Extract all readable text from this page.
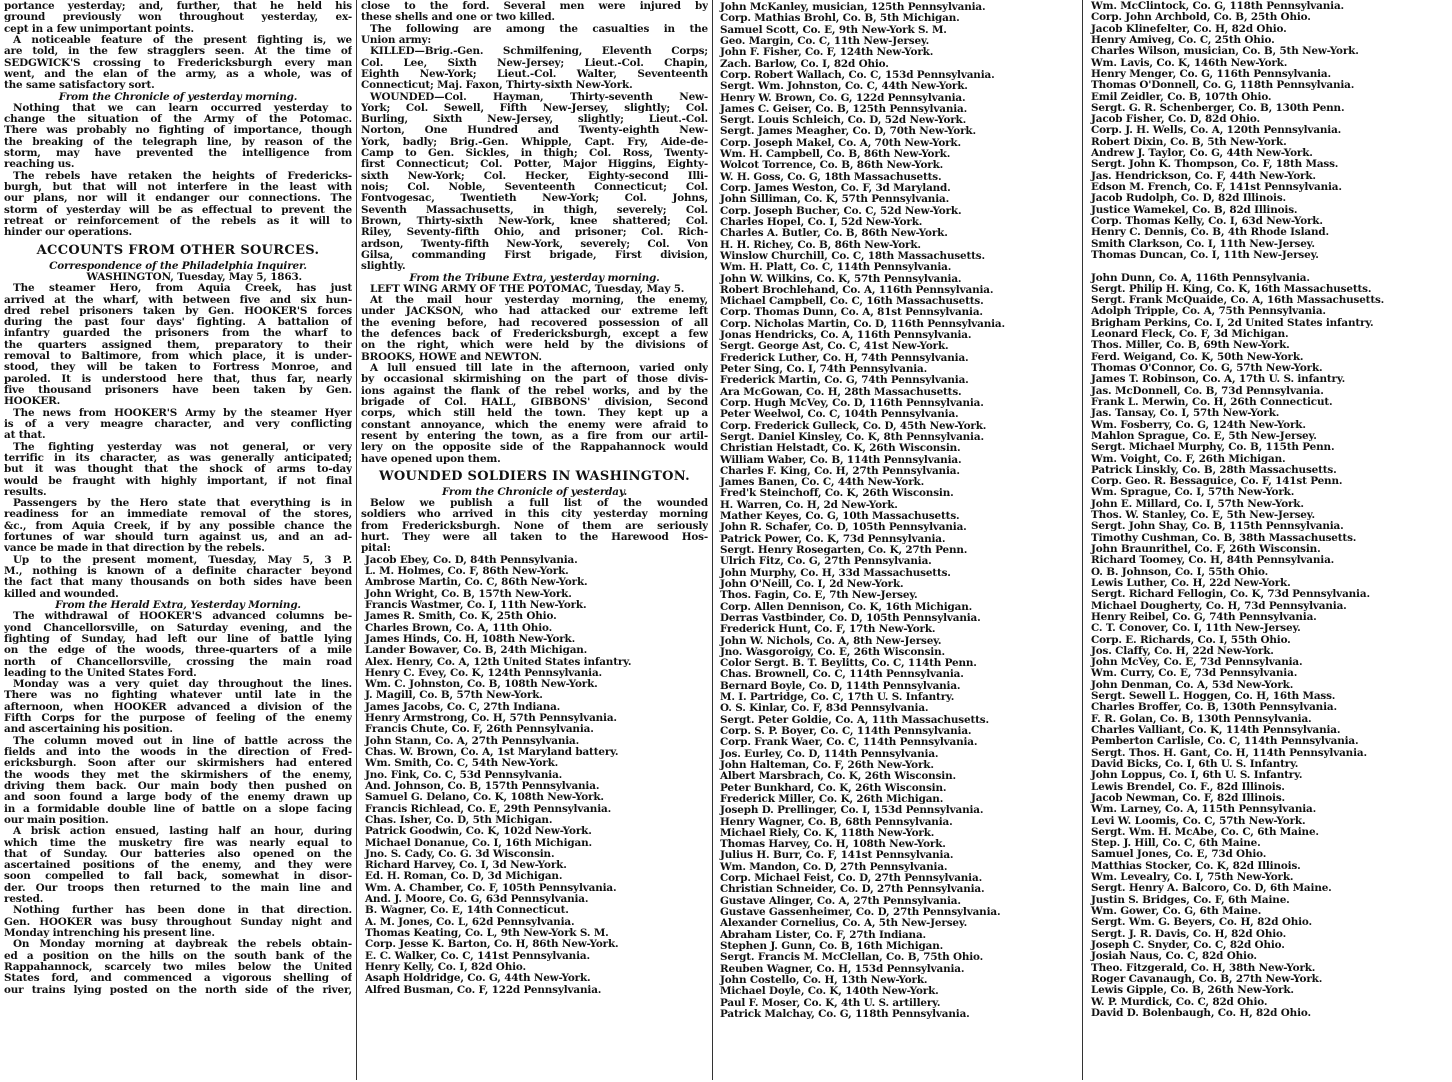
portance yesterday; and, further, that he held his
ground previously won throughout yesterday, ex-
cept in a few unimportant points.
A noticeable feature of the present fighting is, we
are told, in the few stragglers seen. At the time of
SEDGWICK'S crossing to Fredericksburgh every man
went, and the elan of the army, as a whole, was of
the same satisfactory sort.
From the Chronicle of yesterday morning.
Nothing that we can learn occurred yesterday to
change the situation of the Army of the Potomac.
There was probably no fighting of importance, though
the breaking of the telegraph line, by reason of the
storm, may have prevented the intelligence from
reaching us.
The rebels have retaken the heights of Fredericks-
burgh, but that will not interfere in the least with
our plans, nor will it endanger our connections. The
storm of yesterday will be as effectual to prevent the
retreat or reinforcement of the rebels as it will to
hinder our operations.
ACCOUNTS FROM OTHER SOURCES.
Correspondence of the Philadelphia Inquirer.
WASHINGTON, Tuesday, May 5, 1863.
The steamer Hero, from Aquia Creek, has just
arrived at the wharf, with between five and six hun-
dred rebel prisoners taken by Gen. HOOKER'S forces
during the past four days' fighting. A battalion of
infantry guarded the prisoners from the wharf to
the quarters assigned them, preparatory to their
removal to Baltimore, from which place, it is under-
stood, they will be taken to Fortress Monroe, and
paroled. It is understood here that, thus far, nearly
five thousand prisoners have been taken by Gen.
HOOKER.
The news from HOOKER'S Army by the steamer Hyer
is of a very meagre character, and very conflicting
at that.
The fighting yesterday was not general, or very
terrific in its character, as was generally anticipated;
but it was thought that the shock of arms to-day
would be fraught with highly important, if not final
results.
Passengers by the Hero state that everything is in
readiness for an immediate removal of the stores,
&c., from Aquia Creek, if by any possible chance the
fortunes of war should turn against us, and an ad-
vance be made in that direction by the rebels.
Up to the present moment, Tuesday, May 5, 3 P.
M., nothing is known of a definite character beyond
the fact that many thousands on both sides have been
killed and wounded.
From the Herald Extra, Yesterday Morning.
The withdrawal of HOOKER'S advanced columns be-
yond Chancellorsville, on Saturday evening, and the
fighting of Sunday, had left our line of battle lying
on the edge of the woods, three-quarters of a mile
north of Chancellorsville, crossing the main road
leading to the United States Ford.
Monday was a very quiet day throughout the lines.
There was no fighting whatever until late in the
afternoon, when HOOKER advanced a division of the
Fifth Corps for the purpose of feeling of the enemy
and ascertaining his position.
The column moved out in line of battle across the
fields and into the woods in the direction of Fred-
ericksburgh. Soon after our skirmishers had entered
the woods they met the skirmishers of the enemy,
driving them back. Our main body then pushed on
and soon found a large body of the enemy drawn up
in a formidable double line of battle on a slope facing
our main position.
A brisk action ensued, lasting half an hour, during
which time the musketry fire was nearly equal to
that of Sunday. Our batteries also opened on the
ascertained positions of the enemy, and they were
soon compelled to fall back, somewhat in disor-
der. Our troops then returned to the main line and
rested.
Nothing further has been done in that direction.
Gen. HOOKER was busy throughout Sunday night and
Monday intrenching his present line.
On Monday morning at daybreak the rebels obtain-
ed a position on the hills on the south bank of the
Rappahannock, scarcely two miles below the United
States ford, and commenced a vigorous shelling of
our trains lying posted on the north side of the river,
close to the ford. Several men were injured by
these shells and one or two killed.
The following are among the casualties in the
Union army:
KILLED—Brig.-Gen. Schmilfening, Eleventh Corps;
Col. Lee, Sixth New-Jersey; Lieut.-Col. Chapin,
Eighth New-York; Lieut.-Col. Walter, Seventeenth
Connecticut; Maj. Faxon, Thirty-sixth New-York.
WOUNDED—Col. Hayman, Thirty-seventh New-
York; Col. Sewell, Fifth New-Jersey, slightly; Col.
Burling, Sixth New-Jersey, slightly; Lieut.-Col.
Norton, One Hundred and Twenty-eighth New-
York, badly; Brig.-Gen. Whipple, Capt. Fry, Aide-de-
Camp to Gen. Sickles, in thigh; Col. Ross, Twenty-
first Connecticut; Col. Potter, Major Higgins, Eighty-
sixth New-York; Col. Hecker, Eighty-second Illi-
nois; Col. Noble, Seventeenth Connecticut; Col.
Fontvogesac, Twentieth New-York; Col. Johns,
Seventh Massachusetts, in thigh, severely; Col.
Brown, Thirty-sixth New-York, knee shattered; Col.
Riley, Seventy-fifth Ohio, and prisoner; Col. Rich-
ardson, Twenty-fifth New-York, severely; Col. Von
Gilsa, commanding First brigade, First division,
slightly.
From the Tribune Extra, yesterday morning.
LEFT WING ARMY OF THE POTOMAC, Tuesday, May 5.
At the mail hour yesterday morning, the enemy,
under JACKSON, who had attacked our extreme left
the evening before, had recovered possession of all
the defences back of Fredericksburgh, except a few
on the right, which were held by the divisions of
BROOKS, HOWE and NEWTON.
A lull ensued till late in the afternoon, varied only
by occasional skirmishing on the part of those divis-
ions against the flank of the rebel works, and by the
brigade of Col. HALL, GIBBONS' division, Second
corps, which still held the town. They kept up a
constant annoyance, which the enemy were afraid to
resent by entering the town, as a fire from our artil-
lery on the opposite side of the Rappahannock would
have opened upon them.
WOUNDED SOLDIERS IN WASHINGTON.
From the Chronicle of yesterday.
Below we publish a full list of the wounded
soldiers who arrived in this city yesterday morning
from Fredericksburgh. None of them are seriously
hurt. They were all taken to the Harewood Hos-
pital:
Jacob Ebey, Co. D, 84th Pennsylvania.
L. M. Holmes, Co. F, 86th New-York.
Ambrose Martin, Co. C, 86th New-York.
John Wright, Co. B, 157th New-York.
Francis Wastmer, Co. I, 11th New-York.
James R. Smith, Co. K, 25th Ohio.
Charles Brown, Co. A, 11th Ohio.
James Hinds, Co. H, 108th New-York.
Lander Bowaver, Co. B, 24th Michigan.
Alex. Henry, Co. A, 12th United States infantry.
Henry C. Evey, Co. K, 124th Pennsylvania.
Wm. C. Johnston, Co. B, 108th New-York.
J. Magill, Co. B, 57th New-York.
James Jacobs, Co. C, 27th Indiana.
Henry Armstrong, Co. H, 57th Pennsylvania.
Francis Chute, Co. F, 26th Pennsylvania.
John Stann, Co. A, 27th Pennsylvania.
Chas. W. Brown, Co. A, 1st Maryland battery.
Wm. Smith, Co. C, 54th New-York.
Jno. Fink, Co. C, 53d Pennsylvania.
And. Johnson, Co. B, 157th Pennsylvania.
Samuel G. Delano, Co. K, 108th New-York.
Francis Richlead, Co. E, 29th Pennsylvania.
Chas. Isher, Co. D, 5th Michigan.
Patrick Goodwin, Co. K, 102d New-York.
Michael Donanue, Co. I, 16th Michigan.
Jno. S. Cady, Co. G. 3d Wisconsin.
Richard Harvey, Co. I, 3d New-York.
Ed. H. Roman, Co. D, 3d Michigan.
Wm. A. Chamber, Co. F, 105th Pennsylvania.
And. J. Moore, Co. G, 63d Pennsylvania.
B. Wagner, Co. E, 14th Connecticut.
A. M. Jones, Co. L, 62d Pennsylvania.
Thomas Keating, Co. L, 9th New-York S. M.
Corp. Jesse K. Barton, Co. H, 86th New-York.
E. C. Walker, Co. C, 141st Pennsylvania.
Henry Kelly, Co. I, 82d Ohio.
Asaph Holdridge, Co. G, 44th New-York.
Alfred Busman, Co. F, 122d Pennsylvania.
John McKanley, musician, 125th Pennsylvania.
Corp. Mathias Brohl, Co. B, 5th Michigan.
Samuel Scott, Co. E, 9th New-York S. M.
Geo. Margin, Co. C, 11th New-Jersey.
John F. Fisher, Co. F, 124th New-York.
Zach. Barlow, Co. I, 82d Ohio.
Corp. Robert Wallach, Co. C, 153d Pennsylvania.
Sergt. Wm. Johnston, Co. C, 44th New-York.
Henry W. Brown, Co. G, 122d Pennsylvania.
James C. Geiser, Co. B, 125th Pennsylvania.
Sergt. Louis Schleich, Co. D, 52d New-York.
Sergt. James Meagher, Co. D, 70th New-York.
Corp. Joseph Makel, Co. A, 70th New-York.
Wm. H. Campbell, Co. B, 86th New-York.
Wolcot Torrence, Co. B, 86th New-York.
W. H. Goss, Co. G, 18th Massachusetts.
Corp. James Weston, Co. F, 3d Maryland.
John Silliman, Co. K, 57th Pennsylvania.
Corp. Joseph Bucher, Co. C, 52d New-York.
Charles Hopel, Co. I, 52d New-York.
Charles A. Butler, Co. B, 86th New-York.
H. H. Richey, Co. B, 86th New-York.
Winslow Churchill, Co. C, 18th Massachusetts.
Wm. H. Platt, Co. C, 114th Pennsylvania.
John W. Wilkins, Co. K, 57th Pennsylvania.
Robert Brochlehand, Co. A, 116th Pennsylvania.
Michael Campbell, Co. C, 16th Massachusetts.
Corp. Thomas Dunn, Co. A, 81st Pennsylvania.
Corp. Nicholas Martin, Co. D, 116th Pennsylvania.
Jonas Hendricks, Co. A, 116th Pennsylvania.
Sergt. George Ast, Co. C, 41st New-York.
Frederick Luther, Co. H, 74th Pennsylvania.
Peter Sing, Co. I, 74th Pennsylvania.
Frederick Martin, Co. G, 74th Pennsylvania.
Ara McGowan, Co. H, 28th Massachusetts.
Corp. Hugh McVey, Co. D, 116th Pennsylvania.
Peter Weelwol, Co. C, 104th Pennsylvania.
Corp. Frederick Gulleck, Co. D, 45th New-York.
Sergt. Daniel Kinsley, Co. K, 8th Pennsylvania.
Christian Helstadt, Co. K, 26th Wisconsin.
William Waber, Co. B, 114th Pennsylvania.
Charles F. King, Co. H, 27th Pennsylvania.
James Banen, Co. C, 44th New-York.
Fred'k Steinchoff, Co. K, 26th Wisconsin.
H. Warren, Co. H, 2d New-York.
Mather Keyes, Co. G, 10th Massachusetts.
John R. Schafer, Co. D, 105th Pennsylvania.
Patrick Power, Co. K, 73d Pennsylvania.
Sergt. Henry Rosegarten, Co. K, 27th Penn.
Ulrich Fitz, Co. G, 27th Pennsylvania.
John Murphy, Co. H, 33d Massachusetts.
John O'Neill, Co. I, 2d New-York.
Thos. Fagin, Co. E, 7th New-Jersey.
Corp. Allen Dennison, Co. K, 16th Michigan.
Derras Vastbinder, Co. D, 105th Pennsylvania.
Frederick Hunt, Co. F, 17th New-York.
John W. Nichols, Co. A, 8th New-Jersey.
Jno. Wasgoroigy, Co. E, 26th Wisconsin.
Color Sergt. B. T. Beylitts, Co. C, 114th Penn.
Chas. Brownell, Co. C, 114th Pennsylvania.
Bernard Boyle, Co. D, 114th Pennsylvania.
M. I. Partridge, Co. C, 17th U. S. Infantry.
O. S. Kinlar, Co. F, 83d Pennsylvania.
Sergt. Peter Goldie, Co. A, 11th Massachusetts.
Corp. S. P. Boyer, Co. C, 114th Pennsylvania.
Corp. Frank Waer, Co. C, 114th Pennsylvania.
Jos. Eurley, Co. D, 114th Pennsylvania.
John Halteman, Co. F, 26th New-York.
Albert Marsbrach, Co. K, 26th Wisconsin.
Peter Bunkhard, Co. K, 26th Wisconsin.
Frederick Miller, Co. K, 26th Michigan.
Joseph D. Prellinger, Co. I, 153d Pennsylvania.
Henry Wagner, Co. B, 68th Pennsylvania.
Michael Riely, Co. K, 118th New-York.
Thomas Harvey, Co. H, 108th New-York.
Julius H. Burr, Co. F, 141st Pennsylvania.
Wm. Mandon, Co. D, 27th Pennsylvania.
Corp. Michael Feist, Co. D, 27th Pennsylvania.
Christian Schneider, Co. D, 27th Pennsylvania.
Gustave Alinger, Co. A, 27th Pennsylvania.
Gustave Gassenheimer, Co. D, 27th Pennsylvania.
Alexander Cornelius, Co. A, 5th New-Jersey.
Abraham Lister, Co. F, 27th Indiana.
Stephen J. Gunn, Co. B, 16th Michigan.
Sergt. Francis M. McClellan, Co. B, 75th Ohio.
Reuben Wagner, Co. H, 153d Pennsylvania.
John Costello, Co. H, 13th New-York.
Michael Doyle, Co. K, 140th New-York.
Paul F. Moser, Co. K, 4th U. S. artillery.
Patrick Malchay, Co. G, 118th Pennsylvania.
Wm. McClintock, Co. G, 118th Pennsylvania.
Corp. John Archbold, Co. B, 25th Ohio.
Jacob Klinefelter, Co. H, 82d Ohio.
Henry Amiveg, Co. C, 25th Ohio.
Charles Wilson, musician, Co. B, 5th New-York.
Wm. Lavis, Co. K, 146th New-York.
Henry Menger, Co. G, 116th Pennsylvania.
Thomas O'Donnell, Co. G, 118th Pennsylvania.
Emil Zeidler, Co. B, 107th Ohio.
Sergt. G. R. Schenberger, Co. B, 130th Penn.
Jacob Fisher, Co. D, 82d Ohio.
Corp. J. H. Wells, Co. A, 120th Pennsylvania.
Robert Dixin, Co. B, 5th New-York.
Andrew J. Taylor, Co. G, 44th New-York.
Sergt. John K. Thompson, Co. F, 18th Mass.
Jas. Hendrickson, Co. F, 44th New-York.
Edson M. French, Co. F, 141st Pennsylvania.
Jacob Rudolph, Co. D, 82d Illinois.
Justice Wamekel, Co. B, 82d Illinois.
Corp. Thomas Kelly, Co. I, 63d New-York.
Henry C. Dennis, Co. B, 4th Rhode Island.
Smith Clarkson, Co. I, 11th New-Jersey.
Thomas Duncan, Co. I, 11th New-Jersey.
John Dunn, Co. A, 116th Pennsylvania.
Sergt. Philip H. King, Co. K, 16th Massachusetts.
Sergt. Frank McQuaide, Co. A, 16th Massachusetts.
Adolph Tripple, Co. A, 75th Pennsylvania.
Brigham Perkins, Co. I, 2d United States infantry.
Leonard Fleck, Co. F, 3d Michigan.
Thos. Miller, Co. B, 69th New-York.
Ferd. Weigand, Co. K, 50th New-York.
Thomas O'Connor, Co. G, 57th New-York.
James T. Robinson, Co. A, 17th U. S. infantry.
Jas. McDonnell, Co. B, 73d Pennsylvania.
Frank L. Merwin, Co. H, 26th Connecticut.
Jas. Tansay, Co. I, 57th New-York.
Wm. Fosberry, Co. G, 124th New-York.
Mahlon Sprague, Co. E, 5th New-Jersey.
Sergt. Michael Murphy, Co. B, 115th Penn.
Wm. Voight, Co. F, 26th Michigan.
Patrick Linskly, Co. B, 28th Massachusetts.
Corp. Geo. R. Bessaguice, Co. F, 141st Penn.
Wm. Sprague, Co. I, 57th New-York.
John E. Millard, Co. I, 57th New-York.
Thos. W. Stanley, Co. E, 5th New-Jersey.
Sergt. John Shay, Co. B, 115th Pennsylvania.
Timothy Cushman, Co. B, 38th Massachusetts.
John Braunrithel, Co. F, 26th Wisconsin.
Richard Toomey, Co. H, 84th Pennsylvania.
O. B. Johnson, Co. I, 55th Ohio.
Lewis Luther, Co. H, 22d New-York.
Sergt. Richard Fellogin, Co. K, 73d Pennsylvania.
Michael Dougherty, Co. H, 73d Pennsylvania.
Henry Reibel, Co. G, 74th Pennsylvania.
C. T. Conover, Co. I, 11th New-Jersey.
Corp. E. Richards, Co. I, 55th Ohio.
Jos. Claffy, Co. H, 22d New-York.
John McVey, Co. E, 73d Pennsylvania.
Wm. Curry, Co. E, 73d Pennsylvania.
John Denman, Co. A, 53d New-York.
Sergt. Sewell L. Hoggen, Co. H, 16th Mass.
Charles Broffer, Co. B, 130th Pennsylvania.
F. R. Golan, Co. B, 130th Pennsylvania.
Charles Valliant, Co. K, 114th Pennsylvania.
Pemberton Carlisle, Co. C, 114th Pennsylvania.
Sergt. Thos. H. Gant, Co. H, 114th Pennsylvania.
David Bicks, Co. I, 6th U. S. Infantry.
John Loppus, Co. I, 6th U. S. Infantry.
Lewis Brendel, Co. F., 82d Illinois.
Jacob Newman, Co. F, 82d Illinois.
Wm. Larney, Co. A, 115th Pennsylvania.
Levi W. Loomis, Co. C, 57th New-York.
Sergt. Wm. H. McAbe, Co. C, 6th Maine.
Step. J. Hill, Co. C, 6th Maine.
Samuel Jones, Co. E, 73d Ohio.
Matthias Stocker, Co. K, 82d Illinois.
Wm. Levealry, Co. I, 75th New-York.
Sergt. Henry A. Balcoro, Co. D, 6th Maine.
Justin S. Bridges, Co. F, 6th Maine.
Wm. Gower, Co. G, 6th Maine.
Sergt. Wm. G. Beyers, Co. H, 82d Ohio.
Sergt. J. R. Davis, Co. H, 82d Ohio.
Joseph C. Snyder, Co. C, 82d Ohio.
Josiah Naus, Co. C, 82d Ohio.
Theo. Fitzgerald, Co. H, 38th New-York.
Roger Cavanaugh, Co. B, 27th New-York.
Lewis Gipple, Co. B, 26th New-York.
W. P. Murdick, Co. C, 82d Ohio.
David D. Bolenbaugh, Co. H, 82d Ohio.
